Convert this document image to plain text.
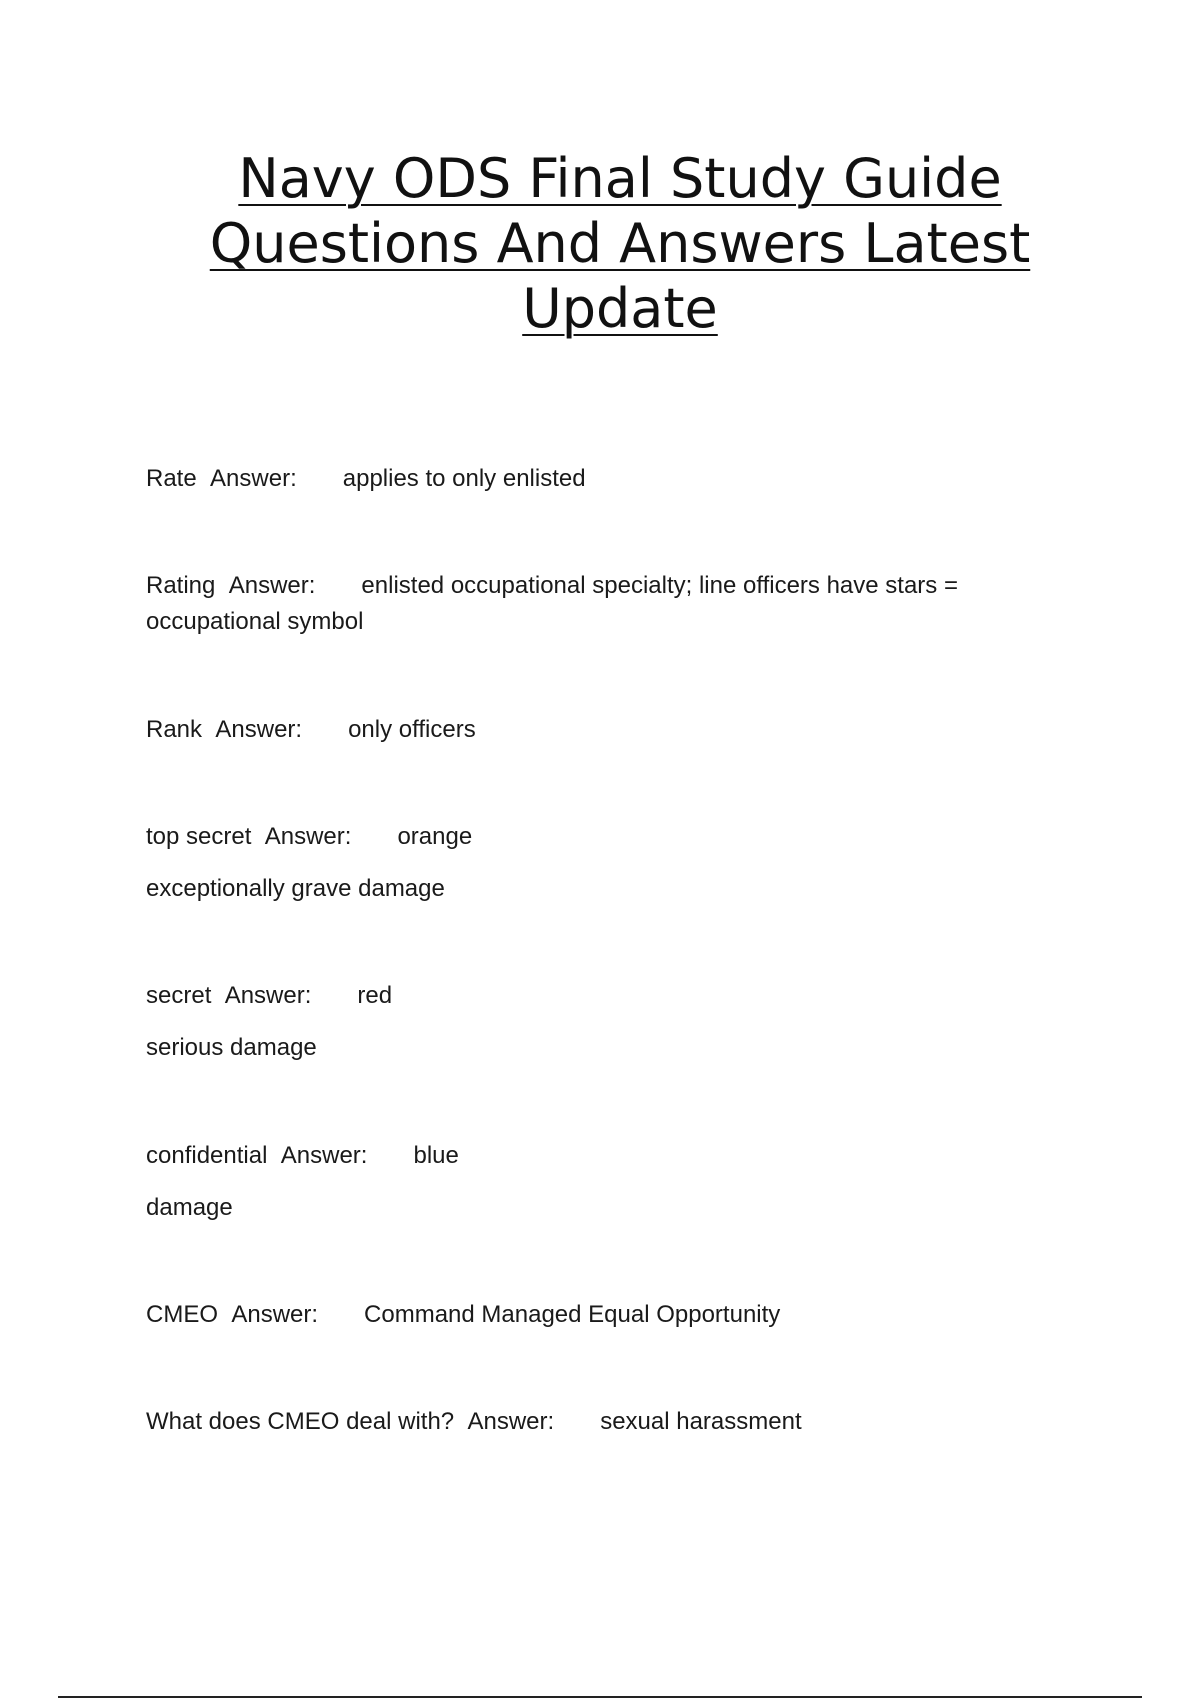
Navy ODS Final Study Guide Questions And Answers Latest Update

Rate Answer: applies to only enlisted

Rating Answer: enlisted occupational specialty; line officers have stars = occupational symbol

Rank Answer: only officers

top secret Answer: orange
exceptionally grave damage

secret Answer: red
serious damage

confidential Answer: blue
damage

CMEO Answer: Command Managed Equal Opportunity

What does CMEO deal with? Answer: sexual harassment
